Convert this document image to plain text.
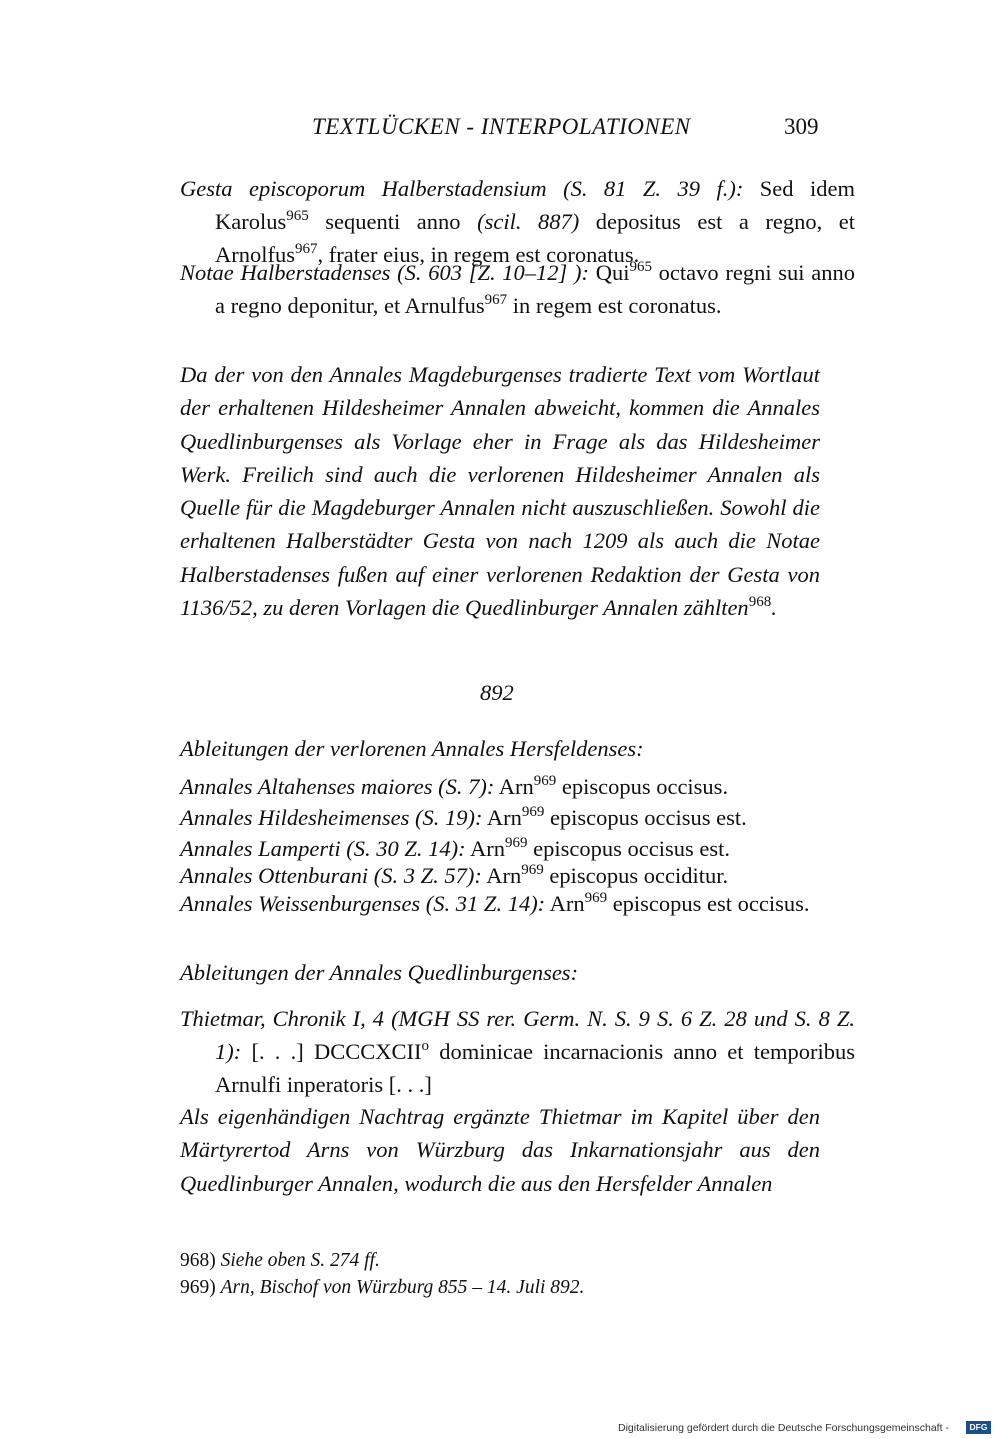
TEXTLÜCKEN - INTERPOLATIONEN	309
Gesta episcoporum Halberstadensium (S. 81 Z. 39 f.): Sed idem Karolus$^{965}$ sequenti anno (scil. 887) depositus est a regno, et Arnolfus$^{967}$, frater eius, in regem est coronatus.
Notae Halberstadenses (S. 603 [Z. 10–12] ): Qui$^{965}$ octavo regni sui anno a regno deponitur, et Arnulfus$^{967}$ in regem est coronatus.
Da der von den Annales Magdeburgenses tradierte Text vom Wortlaut der erhaltenen Hildesheimer Annalen abweicht, kommen die Annales Quedlinburgenses als Vorlage eher in Frage als das Hildesheimer Werk. Freilich sind auch die verlorenen Hildesheimer Annalen als Quelle für die Magdeburger Annalen nicht auszuschließen. Sowohl die erhaltenen Halberstädter Gesta von nach 1209 als auch die Notae Halberstadenses fußen auf einer verlorenen Redaktion der Gesta von 1136/52, zu deren Vorlagen die Quedlinburger Annalen zählten$^{968}$.
892
Ableitungen der verlorenen Annales Hersfeldenses:
Annales Altahenses maiores (S. 7): Arn$^{969}$ episcopus occisus.
Annales Hildesheimenses (S. 19): Arn$^{969}$ episcopus occisus est.
Annales Lamperti (S. 30 Z. 14): Arn$^{969}$ episcopus occisus est.
Annales Ottenburani (S. 3 Z. 57): Arn$^{969}$ episcopus occiditur.
Annales Weissenburgenses (S. 31 Z. 14): Arn$^{969}$ episcopus est occisus.
Ableitungen der Annales Quedlinburgenses:
Thietmar, Chronik I, 4 (MGH SS rer. Germ. N. S. 9 S. 6 Z. 28 und S. 8 Z. 1): [. . .] DCCCXCII$^o$ dominicae incarnacionis anno et temporibus Arnulfi inperatoris [. . .]
Als eigenhändigen Nachtrag ergänzte Thietmar im Kapitel über den Märtyrertod Arns von Würzburg das Inkarnationsjahr aus den Quedlinburger Annalen, wodurch die aus den Hersfelder Annalen
968) Siehe oben S. 274 ff.
969) Arn, Bischof von Würzburg 855 – 14. Juli 892.
Digitalisierung gefördert durch die Deutsche Forschungsgemeinschaft -	DFG
